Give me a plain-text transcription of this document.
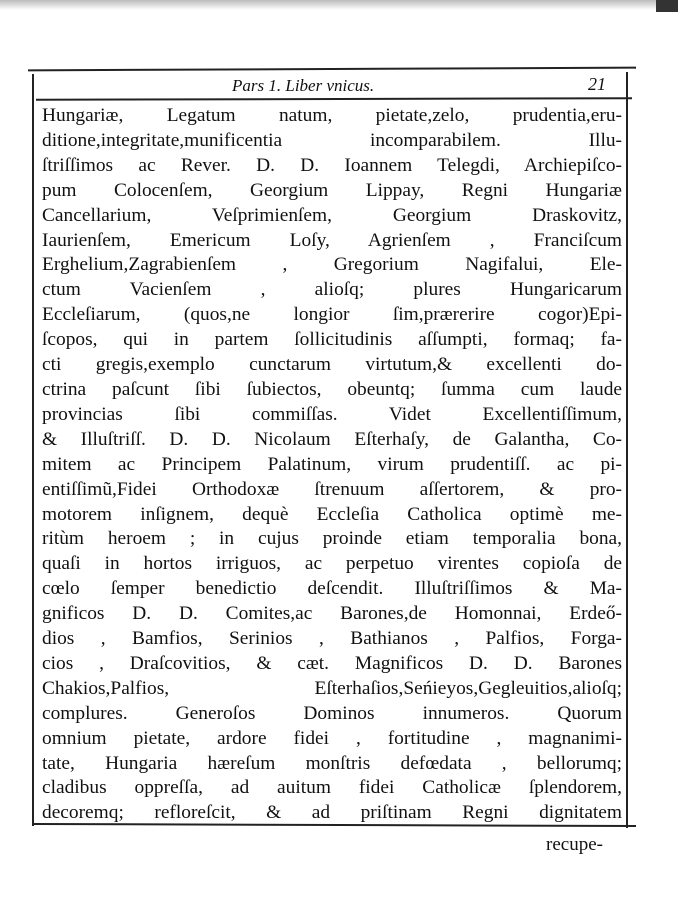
Pars 1. Liber vnicus.	21
Hungariæ, Legatum natum, pietate,zelo, prudentia,eru-
ditione,integritate,munificentia incomparabilem. Illu-
ſtriſſimos ac Rever. D. D. Ioannem Telegdi, Archiepiſco-
pum Colocenſem, Georgium Lippay, Regni Hungariæ
Cancellarium, Veſprimienſem, Georgium Draskovitz,
Iaurienſem, Emericum Loſy, Agrienſem , Franciſcum
Erghelium,Zagrabienſem , Gregorium Nagifalui, Ele-
ctum Vacienſem , alioſq; plures Hungaricarum
Eccleſiarum, (quos,ne longior ſim,prærerire cogor)Epi-
ſcopos, qui in partem ſollicitudinis aſſumpti, formaq; fa-
cti gregis,exemplo cunctarum virtutum,& excellenti do-
ctrina paſcunt ſibi ſubiectos, obeuntq; ſumma cum laude
provincias ſibi commiſſas. Videt Excellentiſſimum,
& Illuſtriſſ. D. D. Nicolaum Eſterhaſy, de Galantha, Co-
mitem ac Principem Palatinum, virum prudentiſſ. ac pi-
entiſſimũ,Fidei Orthodoxæ ſtrenuum aſſertorem, & pro-
motorem inſignem, dequè Eccleſia Catholica optimè me-
ritùm heroem ; in cujus proinde etiam temporalia bona,
quaſi in hortos irriguos, ac perpetuo virentes copioſa de
cœlo ſemper benedictio deſcendit. Illuſtriſſimos & Ma-
gnificos D. D. Comites,ac Barones,de Homonnai, Erdeő-
dios , Bamfios, Serinios , Bathianos , Palfios, Forga-
cios , Draſcovitios, & cæt. Magnificos D. D. Barones
Chakios,Palfios, Eſterhaſios,Seńieyos,Gegleuitios,alioſq;
complures. Generoſos Dominos innumeros. Quorum
omnium pietate, ardore fidei , fortitudine , magnanimi-
tate, Hungaria hæreſum monſtris defœdata , bellorumq;
cladibus oppreſſa, ad auitum fidei Catholicæ ſplendorem,
decoremq; refloreſcit, & ad priſtinam Regni dignitatem
recupe-
